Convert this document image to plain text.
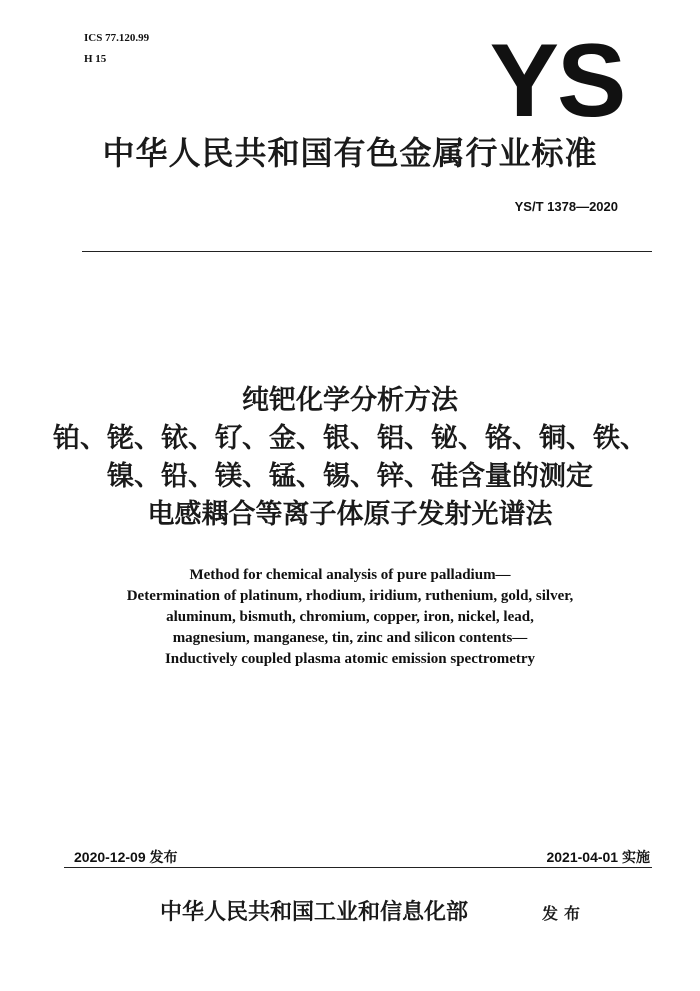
ICS 77.120.99
H 15	YS
中华人民共和国有色金属行业标准
YS/T 1378—2020
纯钯化学分析方法
铂、铑、铱、钌、金、银、铝、铋、铬、铜、铁、
镍、铅、镁、锰、锡、锌、硅含量的测定
电感耦合等离子体原子发射光谱法
Method for chemical analysis of pure palladium—
Determination of platinum, rhodium, iridium, ruthenium, gold, silver,
aluminum, bismuth, chromium, copper, iron, nickel, lead,
magnesium, manganese, tin, zinc and silicon contents—
Inductively coupled plasma atomic emission spectrometry
2020-12-09 发布	2021-04-01 实施
中华人民共和国工业和信息化部	发布
